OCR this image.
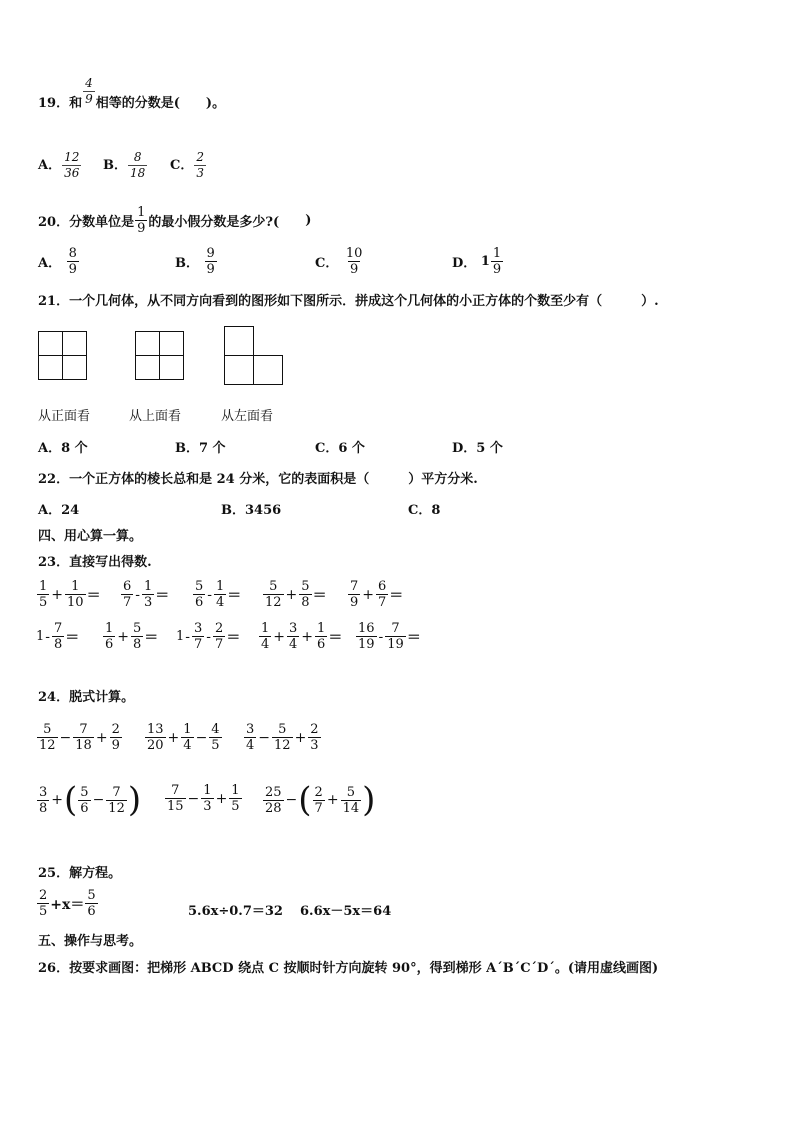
19．和 $\frac{4}{9}$ 相等的分数是(　　 )。
A． $\frac{12}{36}$ B． $\frac{8}{18}$ C． $\frac{2}{3}$
20． 分数单位是 $\frac{1}{9}$ 的最小假分数是多少?(
　　 )
A．
$\frac{8}{9}$	B．
$\frac{9}{9}$	C．
$\frac{10}{9}$	D．
$1 \frac{1}{9}$
21．一个几何体，从不同方向看到的图形如下图所示．拼成这个几何体的小正方体的个数至少有（　　　	）.
从正面看	从上面看	从左面看
A．8 个	B．7 个	C．6 个	D．5 个
22．一个正方体的棱长总和是 24 分米，它的表面积是（　　　	）平方分米.
A．24	B．3456	C．8
四、用心算一算。
23．直接写出得数.
$\frac{1}{5} + \frac{1}{10} = \frac{6}{7} - \frac{1}{3} = \frac{5}{6} - \frac{1}{4} = \frac{5}{12} + \frac{5}{8} = \frac{7}{9} + \frac{6}{7}$ ＝
$1 - \frac{7}{8} = \frac{1}{6} + \frac{5}{8} = 1 - \frac{3}{7} - \frac{2}{7} = \frac{1}{4} + \frac{3}{4} + \frac{1}{6} = \frac{16}{19} - \frac{7}{19}$ ＝
24．脱式计算。
$\frac{5}{12} - \frac{7}{18} + \frac{2}{9} \frac{13}{20} + \frac{1}{4} - \frac{4}{5} \frac{3}{4} - \frac{5}{12} + \frac{2}{3}$
$\frac{3}{8}$ + ( $\frac{5}{6} - \frac{7}{12}$ ) $\frac{7}{15} - \frac{1}{3} + \frac{1}{5} \frac{25}{28}$ − ( $\frac{2}{7} + \frac{5}{14}$ )
25．解方程。
$\frac{2}{5} +x= \frac{5}{6}$	5.6x÷0.7＝32 6.6x－5x＝64
五、操作与思考。
26．按要求画图：把梯形 ABCD 绕点 C 按顺时针方向旋转 90°，得到梯形 A´B´C´D´。(请用虚线画图)
